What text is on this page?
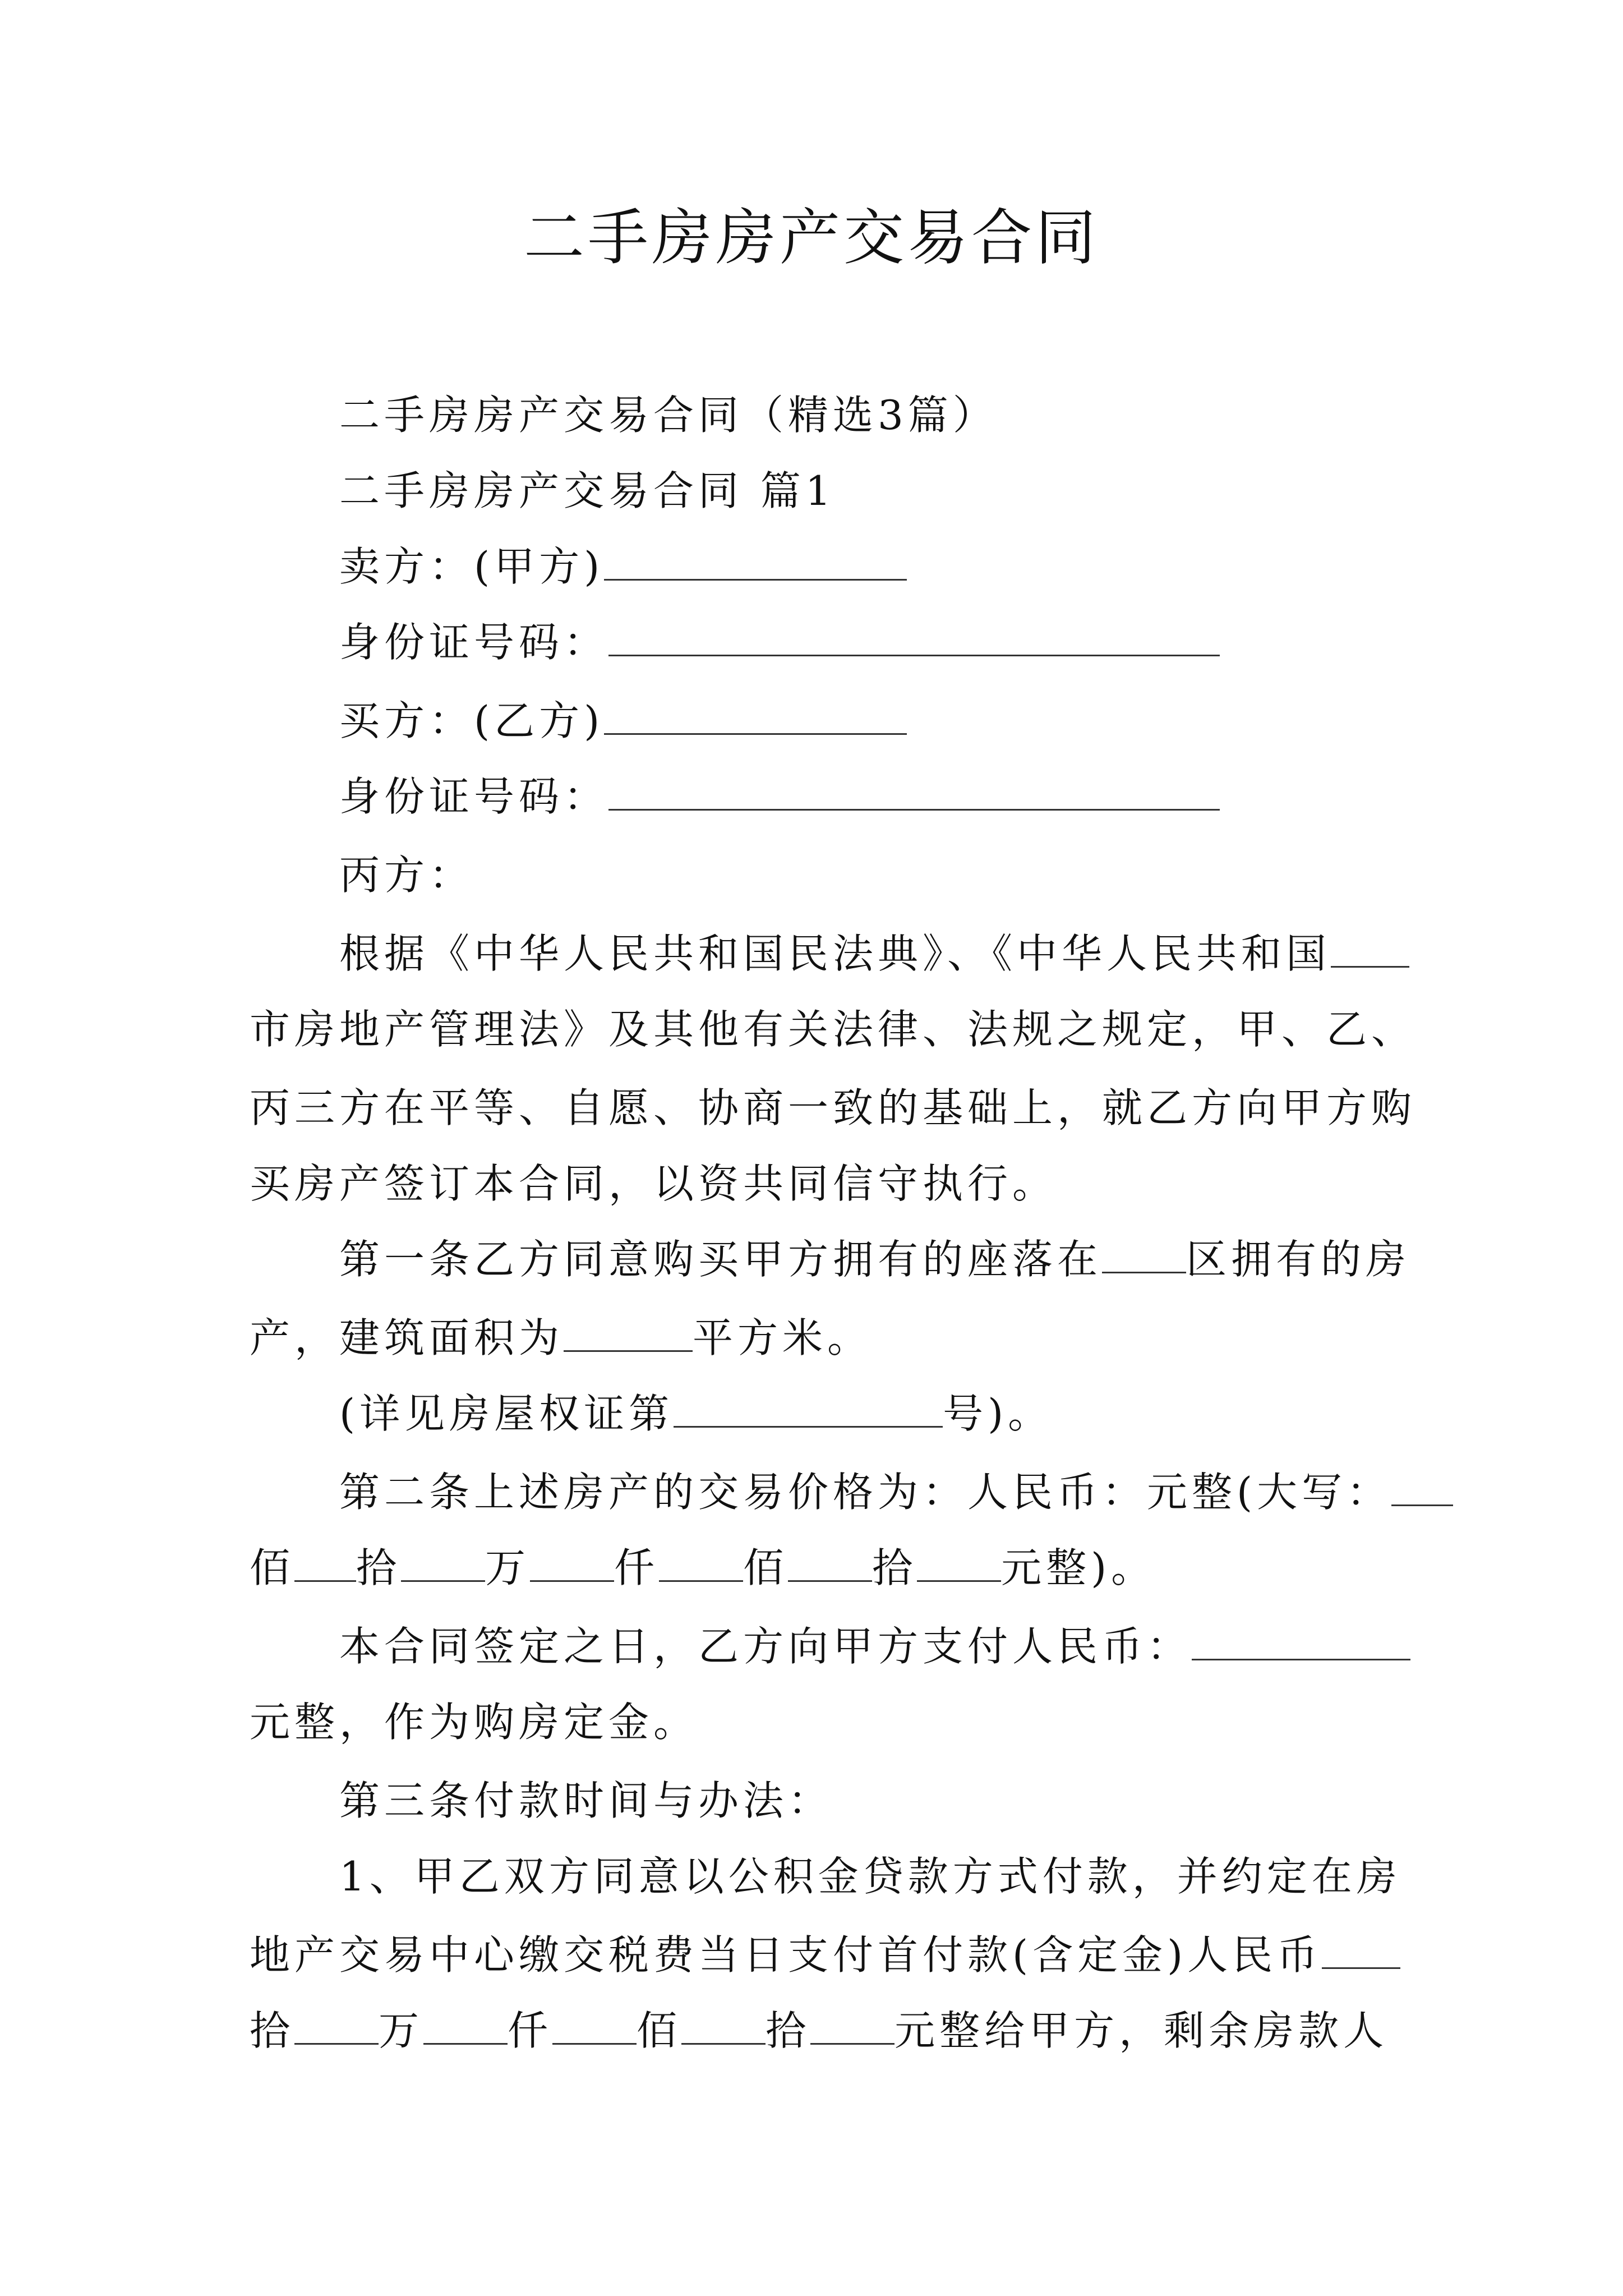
二手房房产交易合同
二手房房产交易合同（精选3篇）
二手房房产交易合同 篇1
卖方：(甲方)
身份证号码：
买方：(乙方)
身份证号码：
丙方：
根据《中华人民共和国民法典》、《中华人民共和国
市房地产管理法》及其他有关法律、法规之规定，甲、乙、
丙三方在平等、自愿、协商一致的基础上，就乙方向甲方购
买房产签订本合同，以资共同信守执行。
第一条乙方同意购买甲方拥有的座落在 区拥有的房
产，建筑面积为	平方米。
(详见房屋权证第	号)。
第二条上述房产的交易价格为：人民币：元整(大写：
佰 拾 万 仟 佰 拾 元整)。
本合同签定之日，乙方向甲方支付人民币：
元整，作为购房定金。
第三条付款时间与办法：
1、甲乙双方同意以公积金贷款方式付款，并约定在房
地产交易中心缴交税费当日支付首付款(含定金)人民币
拾 万 仟 佰 拾 元整给甲方，剩余房款人
